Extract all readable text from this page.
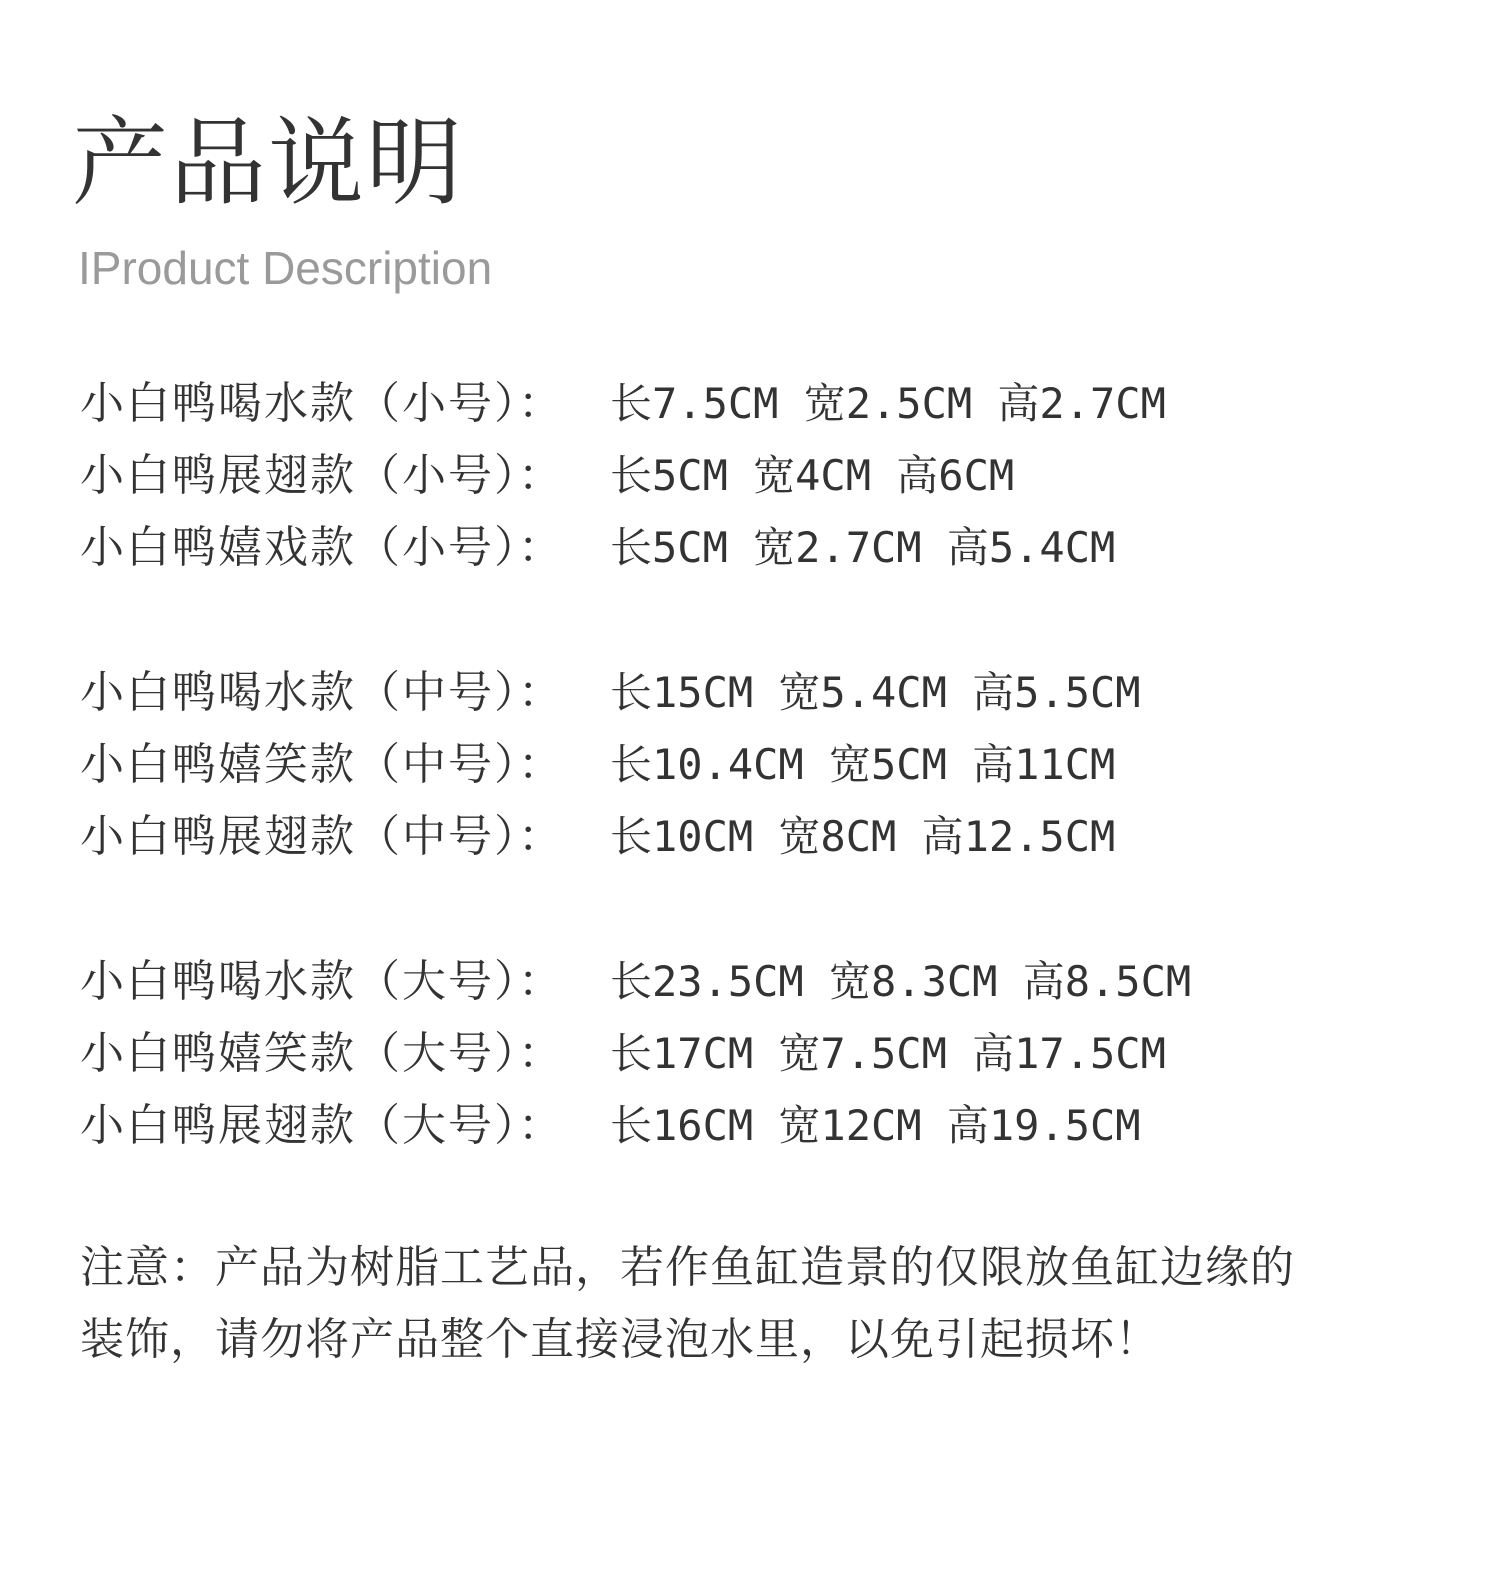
产品说明
IProduct Description
小白鸭喝水款（小号）： 长7.5CM 宽2.5CM 高2.7CM
小白鸭展翅款（小号）： 长5CM 宽4CM 高6CM
小白鸭嬉戏款（小号）： 长5CM 宽2.7CM 高5.4CM
小白鸭喝水款（中号）： 长15CM 宽5.4CM 高5.5CM
小白鸭嬉笑款（中号）： 长10.4CM 宽5CM 高11CM
小白鸭展翅款（中号）： 长10CM 宽8CM 高12.5CM
小白鸭喝水款（大号）： 长23.5CM 宽8.3CM 高8.5CM
小白鸭嬉笑款（大号）： 长17CM 宽7.5CM 高17.5CM
小白鸭展翅款（大号）： 长16CM 宽12CM 高19.5CM
注意：产品为树脂工艺品，若作鱼缸造景的仅限放鱼缸边缘的
装饰，请勿将产品整个直接浸泡水里，以免引起损坏！
